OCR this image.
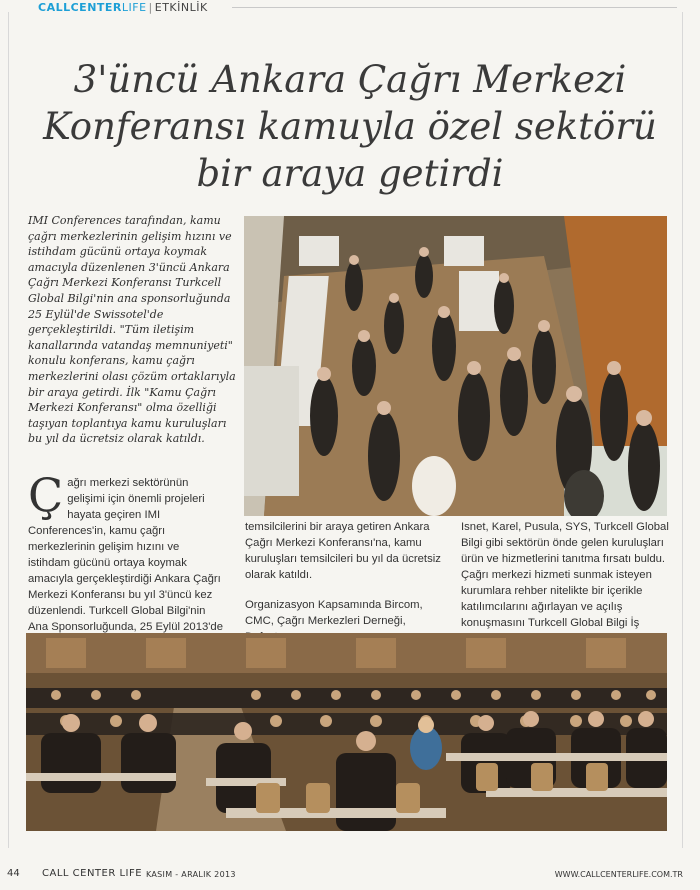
CALLCENTERLIFE | ETKİNLİK
3'üncü Ankara Çağrı Merkezi
Konferansı kamuyla özel sektörü
bir araya getirdi
IMI Conferences tarafından, kamu çağrı merkezlerinin gelişim hızını ve istihdam gücünü ortaya koymak amacıyla düzenlenen 3'üncü Ankara Çağrı Merkezi Konferansı Turkcell Global Bilgi'nin ana sponsorluğunda 25 Eylül'de Swissotel'de gerçekleştirildi. "Tüm iletişim kanallarında vatandaş memnuniyeti" konulu konferans, kamu çağrı merkezlerini olası çözüm ortaklarıyla bir araya getirdi. İlk "Kamu Çağrı Merkezi Konferansı" olma özelliği taşıyan toplantıya kamu kuruluşları bu yıl da ücretsiz olarak katıldı.
Çağrı merkezi sektörünün gelişimi için önemli projeleri hayata geçiren IMI Conferences'in, kamu çağrı merkezlerinin gelişim hızını ve istihdam gücünü ortaya koymak amacıyla gerçekleştirdiği Ankara Çağrı Merkezi Konferansı bu yıl 3'üncü kez düzenlendi. Turkcell Global Bilgi'nin Ana Sponsorluğunda, 25 Eylül 2013'de

temsilcilerini bir araya getiren Ankara Çağrı Merkezi Konferansı'na, kamu kuruluşları temsilcileri bu yıl da ücretsiz olarak katıldı.

Organizasyon Kapsamında Bircom, CMC, Çağrı Merkezleri Derneği,

Isnet, Karel, Pusula, SYS, Turkcell Global Bilgi gibi sektörün önde gelen kuruluşları ürün ve hizmetlerini tanıtma fırsatı buldu. Çağrı merkezi hizmeti sunmak isteyen kurumlara rehber nitelikte bir içerikle katılımcılarını ağırlayan ve açılış konuşmasını Turkcell Global Bilgi İş
44 CALL CENTER LIFE KASIM - ARALIK 2013	WWW.CALLCENTERLIFE.COM.TR
